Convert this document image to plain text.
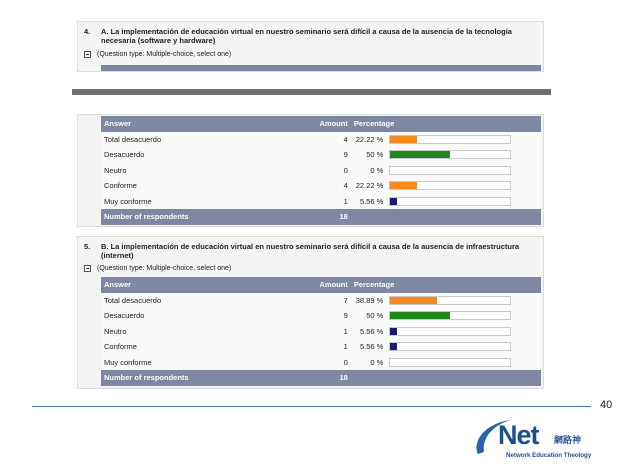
4. A. La implementación de educación virtual en nuestro seminario será difícil a causa de la ausencia de la tecnología necesaria (software y hardware)
(Question type: Multiple-choice, select one)
Answer	Amount	Percentage	
Total desacuerdo	4	22.22 %	

Desacuerdo	9	50 %	

Neutro	0	0 %	

Conforme	4	22.22 %	

Muy conforme	1	5.56 %	

Number of respondents	18		
5. B. La implementación de educación virtual en nuestro seminario será difícil a causa de la ausencia de infraestructura (internet)
(Question type: Multiple-choice, select one)
Answer	Amount	Percentage	
Total desacuerdo	7	38.89 %	

Desacuerdo	9	50 %	

Neutro	1	5.56 %	

Conforme	1	5.56 %	

Muy conforme	0	0 %	

Number of respondents	18		
40
Net 網路神
Network Education Theology
